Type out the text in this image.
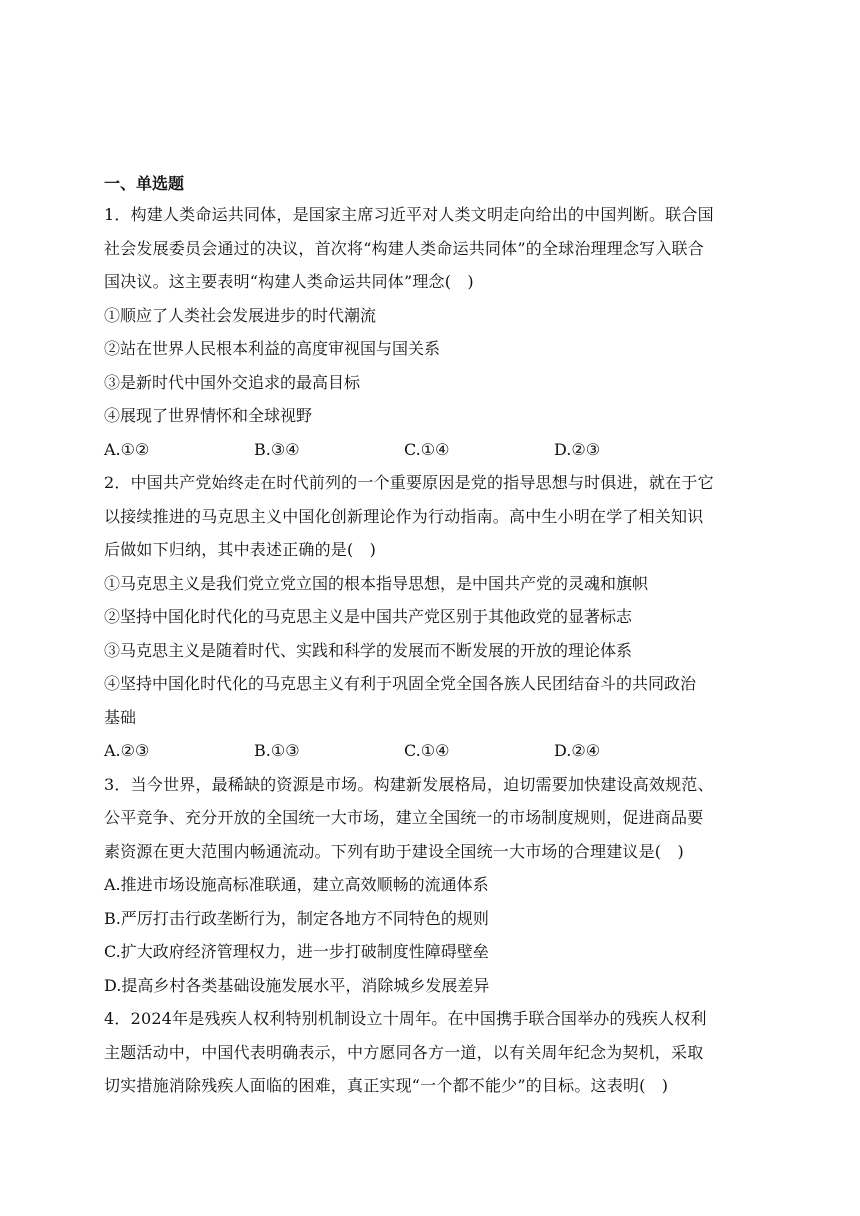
一、单选题

1．构建人类命运共同体，是国家主席习近平对人类文明走向给出的中国判断。联合国

社会发展委员会通过的决议，首次将“构建人类命运共同体”的全球治理理念写入联合

国决议。这主要表明“构建人类命运共同体”理念(　)

①顺应了人类社会发展进步的时代潮流

②站在世界人民根本利益的高度审视国与国关系

③是新时代中国外交追求的最高目标

④展现了世界情怀和全球视野

A.①②	B.③④	C.①④	D.②③

2．中国共产党始终走在时代前列的一个重要原因是党的指导思想与时俱进，就在于它

以接续推进的马克思主义中国化创新理论作为行动指南。高中生小明在学了相关知识

后做如下归纳，其中表述正确的是(　)

①马克思主义是我们党立党立国的根本指导思想，是中国共产党的灵魂和旗帜

②坚持中国化时代化的马克思主义是中国共产党区别于其他政党的显著标志

③马克思主义是随着时代、实践和科学的发展而不断发展的开放的理论体系

④坚持中国化时代化的马克思主义有利于巩固全党全国各族人民团结奋斗的共同政治

基础

A.②③	B.①③	C.①④	D.②④

3．当今世界，最稀缺的资源是市场。构建新发展格局，迫切需要加快建设高效规范、

公平竞争、充分开放的全国统一大市场，建立全国统一的市场制度规则，促进商品要

素资源在更大范围内畅通流动。下列有助于建设全国统一大市场的合理建议是(　)

A.推进市场设施高标准联通，建立高效顺畅的流通体系

B.严厉打击行政垄断行为，制定各地方不同特色的规则

C.扩大政府经济管理权力，进一步打破制度性障碍壁垒

D.提高乡村各类基础设施发展水平，消除城乡发展差异

4．2024年是残疾人权利特别机制设立十周年。在中国携手联合国举办的残疾人权利

主题活动中，中国代表明确表示，中方愿同各方一道，以有关周年纪念为契机，采取

切实措施消除残疾人面临的困难，真正实现“一个都不能少”的目标。这表明(　)
